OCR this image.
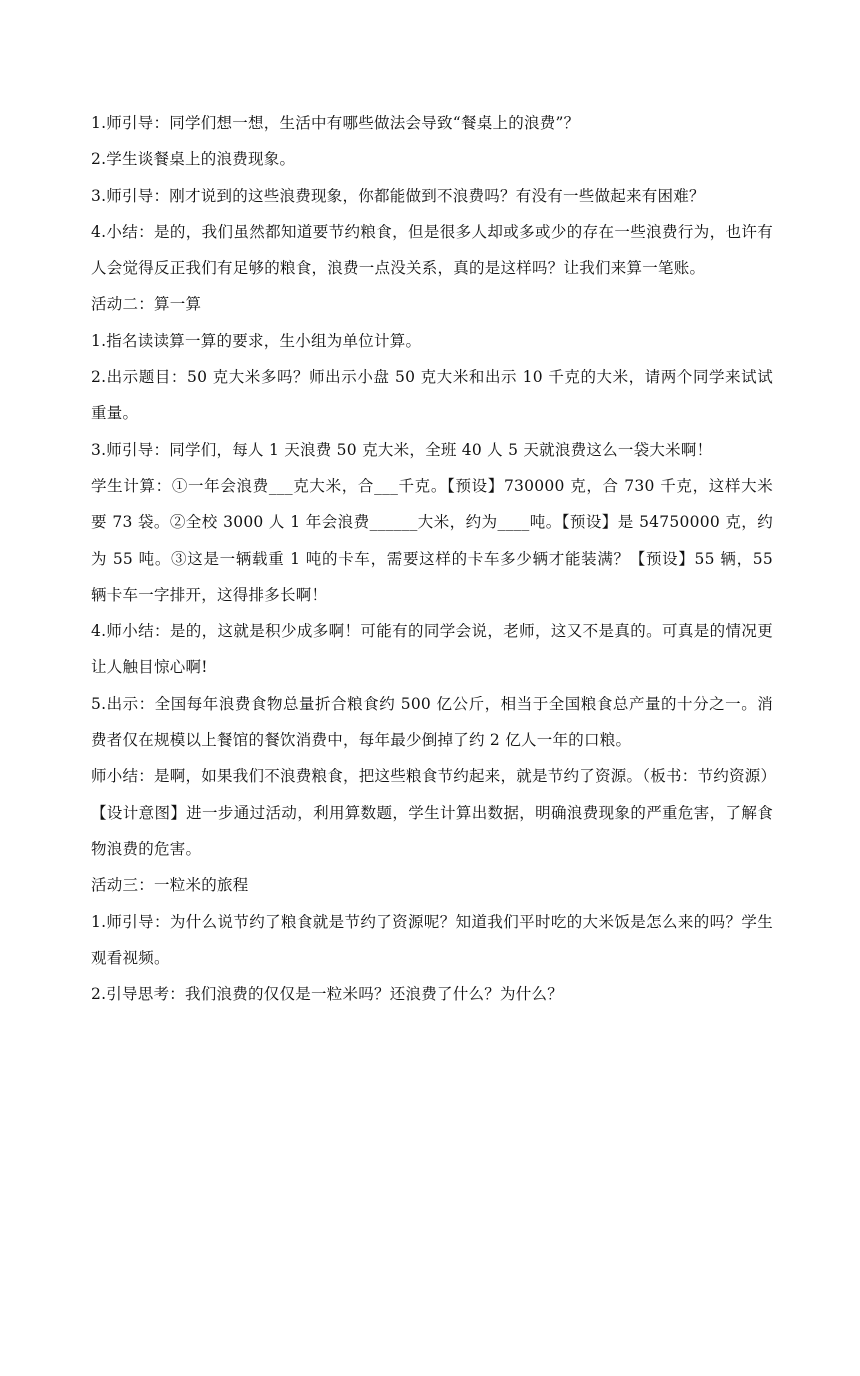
1.师引导：同学们想一想，生活中有哪些做法会导致“餐桌上的浪费”？

2.学生谈餐桌上的浪费现象。

3.师引导：刚才说到的这些浪费现象，你都能做到不浪费吗？有没有一些做起来有困难？

4.小结：是的，我们虽然都知道要节约粮食，但是很多人却或多或少的存在一些浪费行为，也许有人会觉得反正我们有足够的粮食，浪费一点没关系，真的是这样吗？让我们来算一笔账。

活动二：算一算

1.指名读读算一算的要求，生小组为单位计算。

2.出示题目：50 克大米多吗？师出示小盘 50 克大米和出示 10 千克的大米，请两个同学来试试重量。

3.师引导：同学们，每人 1 天浪费 50 克大米，全班 40 人 5 天就浪费这么一袋大米啊！

学生计算：①一年会浪费___克大米，合___千克。【预设】730000 克，合 730 千克，这样大米要 73 袋。②全校 3000 人 1 年会浪费______大米，约为____吨。【预设】是 54750000 克，约为 55 吨。③这是一辆载重 1 吨的卡车，需要这样的卡车多少辆才能装满？【预设】55 辆，55 辆卡车一字排开，这得排多长啊！

4.师小结：是的，这就是积少成多啊！可能有的同学会说，老师，这又不是真的。可真是的情况更让人触目惊心啊!

5.出示：全国每年浪费食物总量折合粮食约 500 亿公斤，相当于全国粮食总产量的十分之一。消费者仅在规模以上餐馆的餐饮消费中，每年最少倒掉了约 2 亿人一年的口粮。

师小结：是啊，如果我们不浪费粮食，把这些粮食节约起来，就是节约了资源。（板书：节约资源）

【设计意图】进一步通过活动，利用算数题，学生计算出数据，明确浪费现象的严重危害，了解食物浪费的危害。

活动三：一粒米的旅程

1.师引导：为什么说节约了粮食就是节约了资源呢？知道我们平时吃的大米饭是怎么来的吗？学生观看视频。

2.引导思考：我们浪费的仅仅是一粒米吗？还浪费了什么？为什么？
